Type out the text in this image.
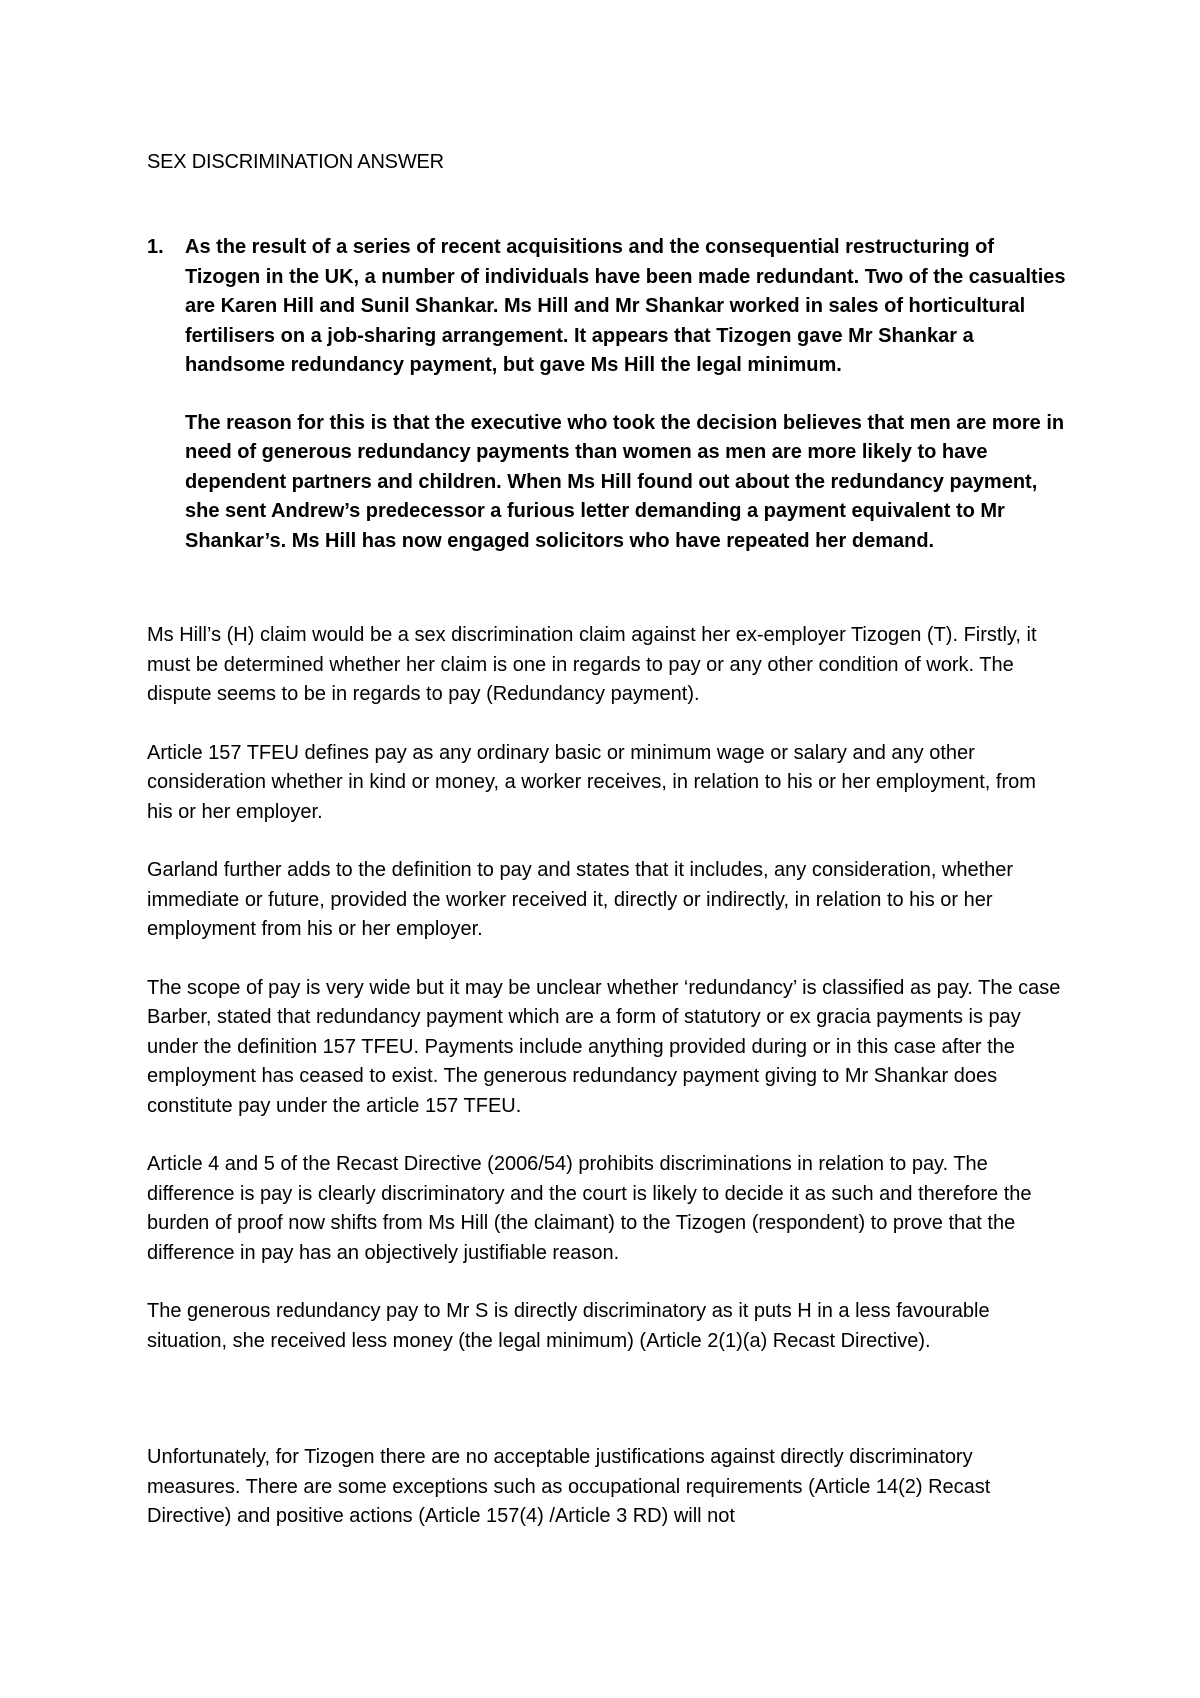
SEX DISCRIMINATION ANSWER
1. As the result of a series of recent acquisitions and the consequential restructuring of Tizogen in the UK, a number of individuals have been made redundant. Two of the casualties are Karen Hill and Sunil Shankar. Ms Hill and Mr Shankar worked in sales of horticultural fertilisers on a job-sharing arrangement. It appears that Tizogen gave Mr Shankar a handsome redundancy payment, but gave Ms Hill the legal minimum.

The reason for this is that the executive who took the decision believes that men are more in need of generous redundancy payments than women as men are more likely to have dependent partners and children. When Ms Hill found out about the redundancy payment, she sent Andrew’s predecessor a furious letter demanding a payment equivalent to Mr Shankar’s. Ms Hill has now engaged solicitors who have repeated her demand.

Ms Hill’s (H) claim would be a sex discrimination claim against her ex-employer Tizogen (T). Firstly, it must be determined whether her claim is one in regards to pay or any other condition of work. The dispute seems to be in regards to pay (Redundancy payment).

Article 157 TFEU defines pay as any ordinary basic or minimum wage or salary and any other consideration whether in kind or money, a worker receives, in relation to his or her employment, from his or her employer.

Garland further adds to the definition to pay and states that it includes, any consideration, whether immediate or future, provided the worker received it, directly or indirectly, in relation to his or her employment from his or her employer.

The scope of pay is very wide but it may be unclear whether ‘redundancy’ is classified as pay. The case Barber, stated that redundancy payment which are a form of statutory or ex gracia payments is pay under the definition 157 TFEU. Payments include anything provided during or in this case after the employment has ceased to exist. The generous redundancy payment giving to Mr Shankar does constitute pay under the article 157 TFEU.

Article 4 and 5 of the Recast Directive (2006/54) prohibits discriminations in relation to pay. The difference is pay is clearly discriminatory and the court is likely to decide it as such and therefore the burden of proof now shifts from Ms Hill (the claimant) to the Tizogen (respondent) to prove that the difference in pay has an objectively justifiable reason.

The generous redundancy pay to Mr S is directly discriminatory as it puts H in a less favourable situation, she received less money (the legal minimum) (Article 2(1)(a) Recast Directive).

Unfortunately, for Tizogen there are no acceptable justifications against directly discriminatory measures. There are some exceptions such as occupational requirements (Article 14(2) Recast Directive) and positive actions (Article 157(4) /Article 3 RD) will not
